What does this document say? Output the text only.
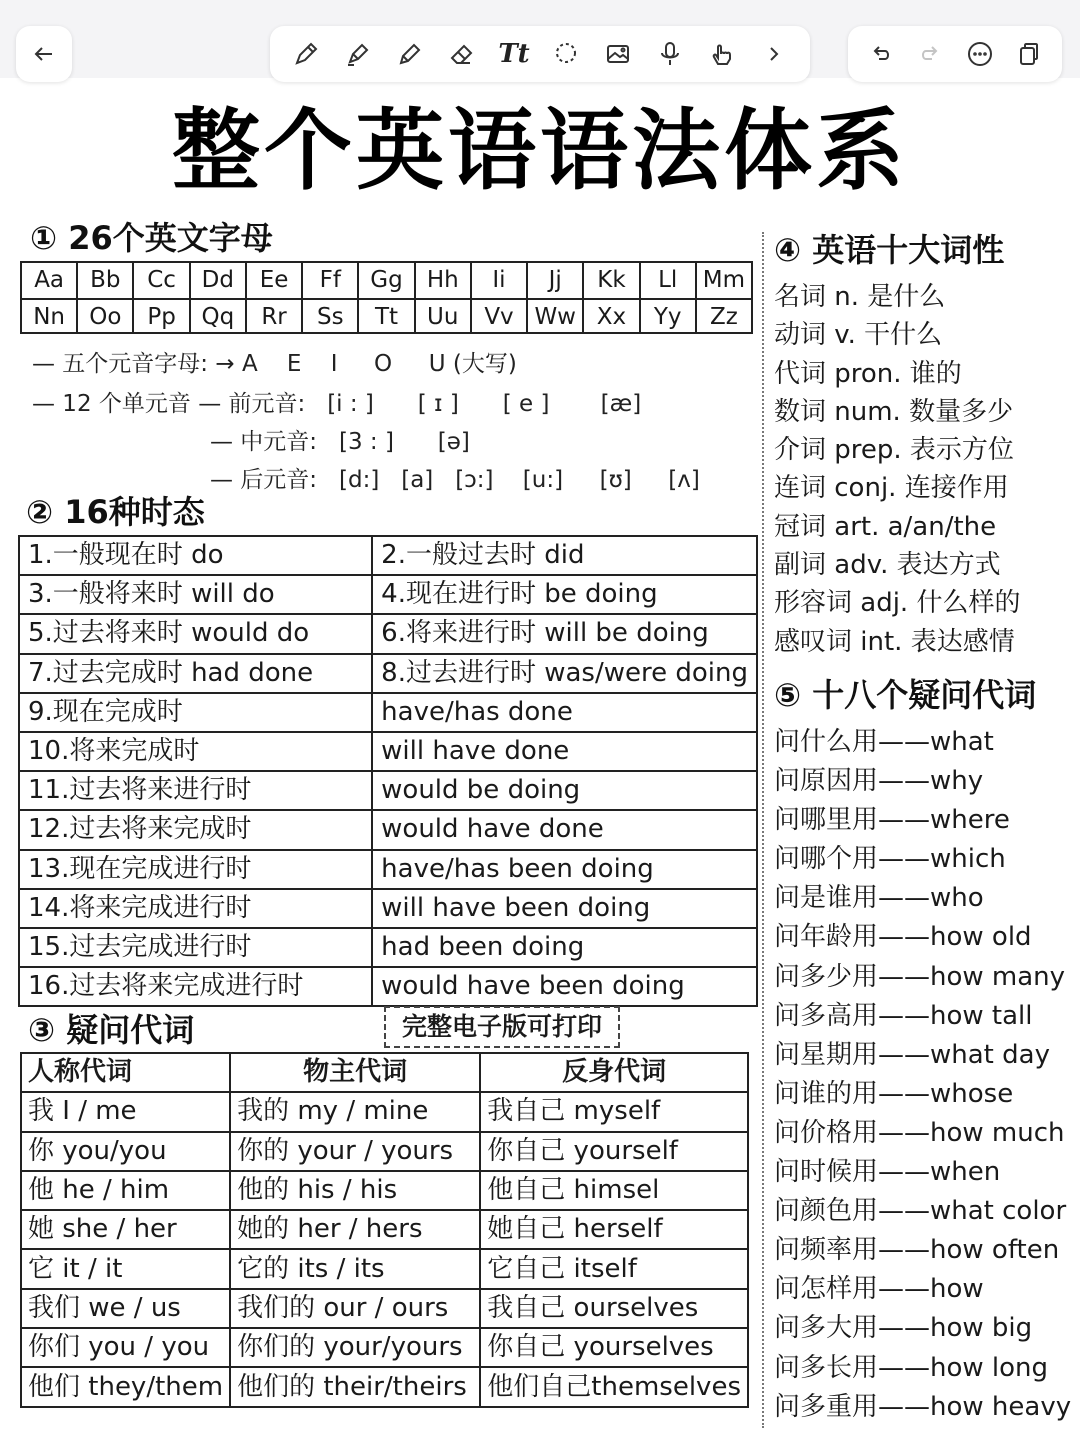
Tt
整个英语语法体系
① 26个英文字母
Aa	Bb	Cc	Dd	Ee	Ff	Gg	Hh	Ii	Jj	Kk	Ll	Mm
Nn	Oo	Pp	Qq	Rr	Ss	Tt	Uu	Vv Ww Xx	Yy	Zz
— 五个元音字母: → A    E    I     O     U (大写)
— 12 个单元音 — 前元音:   [i : ]      [ ɪ ]      [ e ]       [æ]
— 中元音:   [3 : ]      [ə]
— 后元音:   [d:]   [a]   [ɔ:]    [u:]     [ʊ]     [ʌ]
② 16种时态
1.一般现在时 do	2.一般过去时 did
3.一般将来时 will do	4.现在进行时 be doing
5.过去将来时 would do	6.将来进行时 will be doing
7.过去完成时 had done	8.过去进行时 was/were doing
9.现在完成时	have/has done
10.将来完成时	will have done
11.过去将来进行时	would be doing
12.过去将来完成时	would have done
13.现在完成进行时	have/has been doing
14.将来完成进行时	will have been doing
15.过去完成进行时	had been doing
16.过去将来完成进行时	would have been doing
③ 疑问代词	完整电子版可打印
人称代词	物主代词	反身代词
我 I / me	我的 my / mine	我自己 myself
你 you/you	你的 your / yours	你自己 yourself
他 he / him	他的 his / his	他自己 himsel
她 she / her	她的 her / hers	她自己 herself
它 it / it	它的 its / its	它自己 itself
我们 we / us	我们的 our / ours	我自己 ourselves
你们 you / you	你们的 your/yours	你自己 yourselves
他们 they/them	他们的 their/theirs	他们自己themselves
④ 英语十大词性
名词 n. 是什么
动词 v. 干什么
代词 pron. 谁的
数词 num. 数量多少
介词 prep. 表示方位
连词 conj. 连接作用
冠词 art. a/an/the
副词 adv. 表达方式
形容词 adj. 什么样的
感叹词 int. 表达感情
⑤ 十八个疑问代词
问什么用——what
问原因用——why
问哪里用——where
问哪个用——which
问是谁用——who
问年龄用——how old
问多少用——how many
问多高用——how tall
问星期用——what day
问谁的用——whose
问价格用——how much
问时候用——when
问颜色用——what color
问频率用——how often
问怎样用——how
问多大用——how big
问多长用——how long
问多重用——how heavy
